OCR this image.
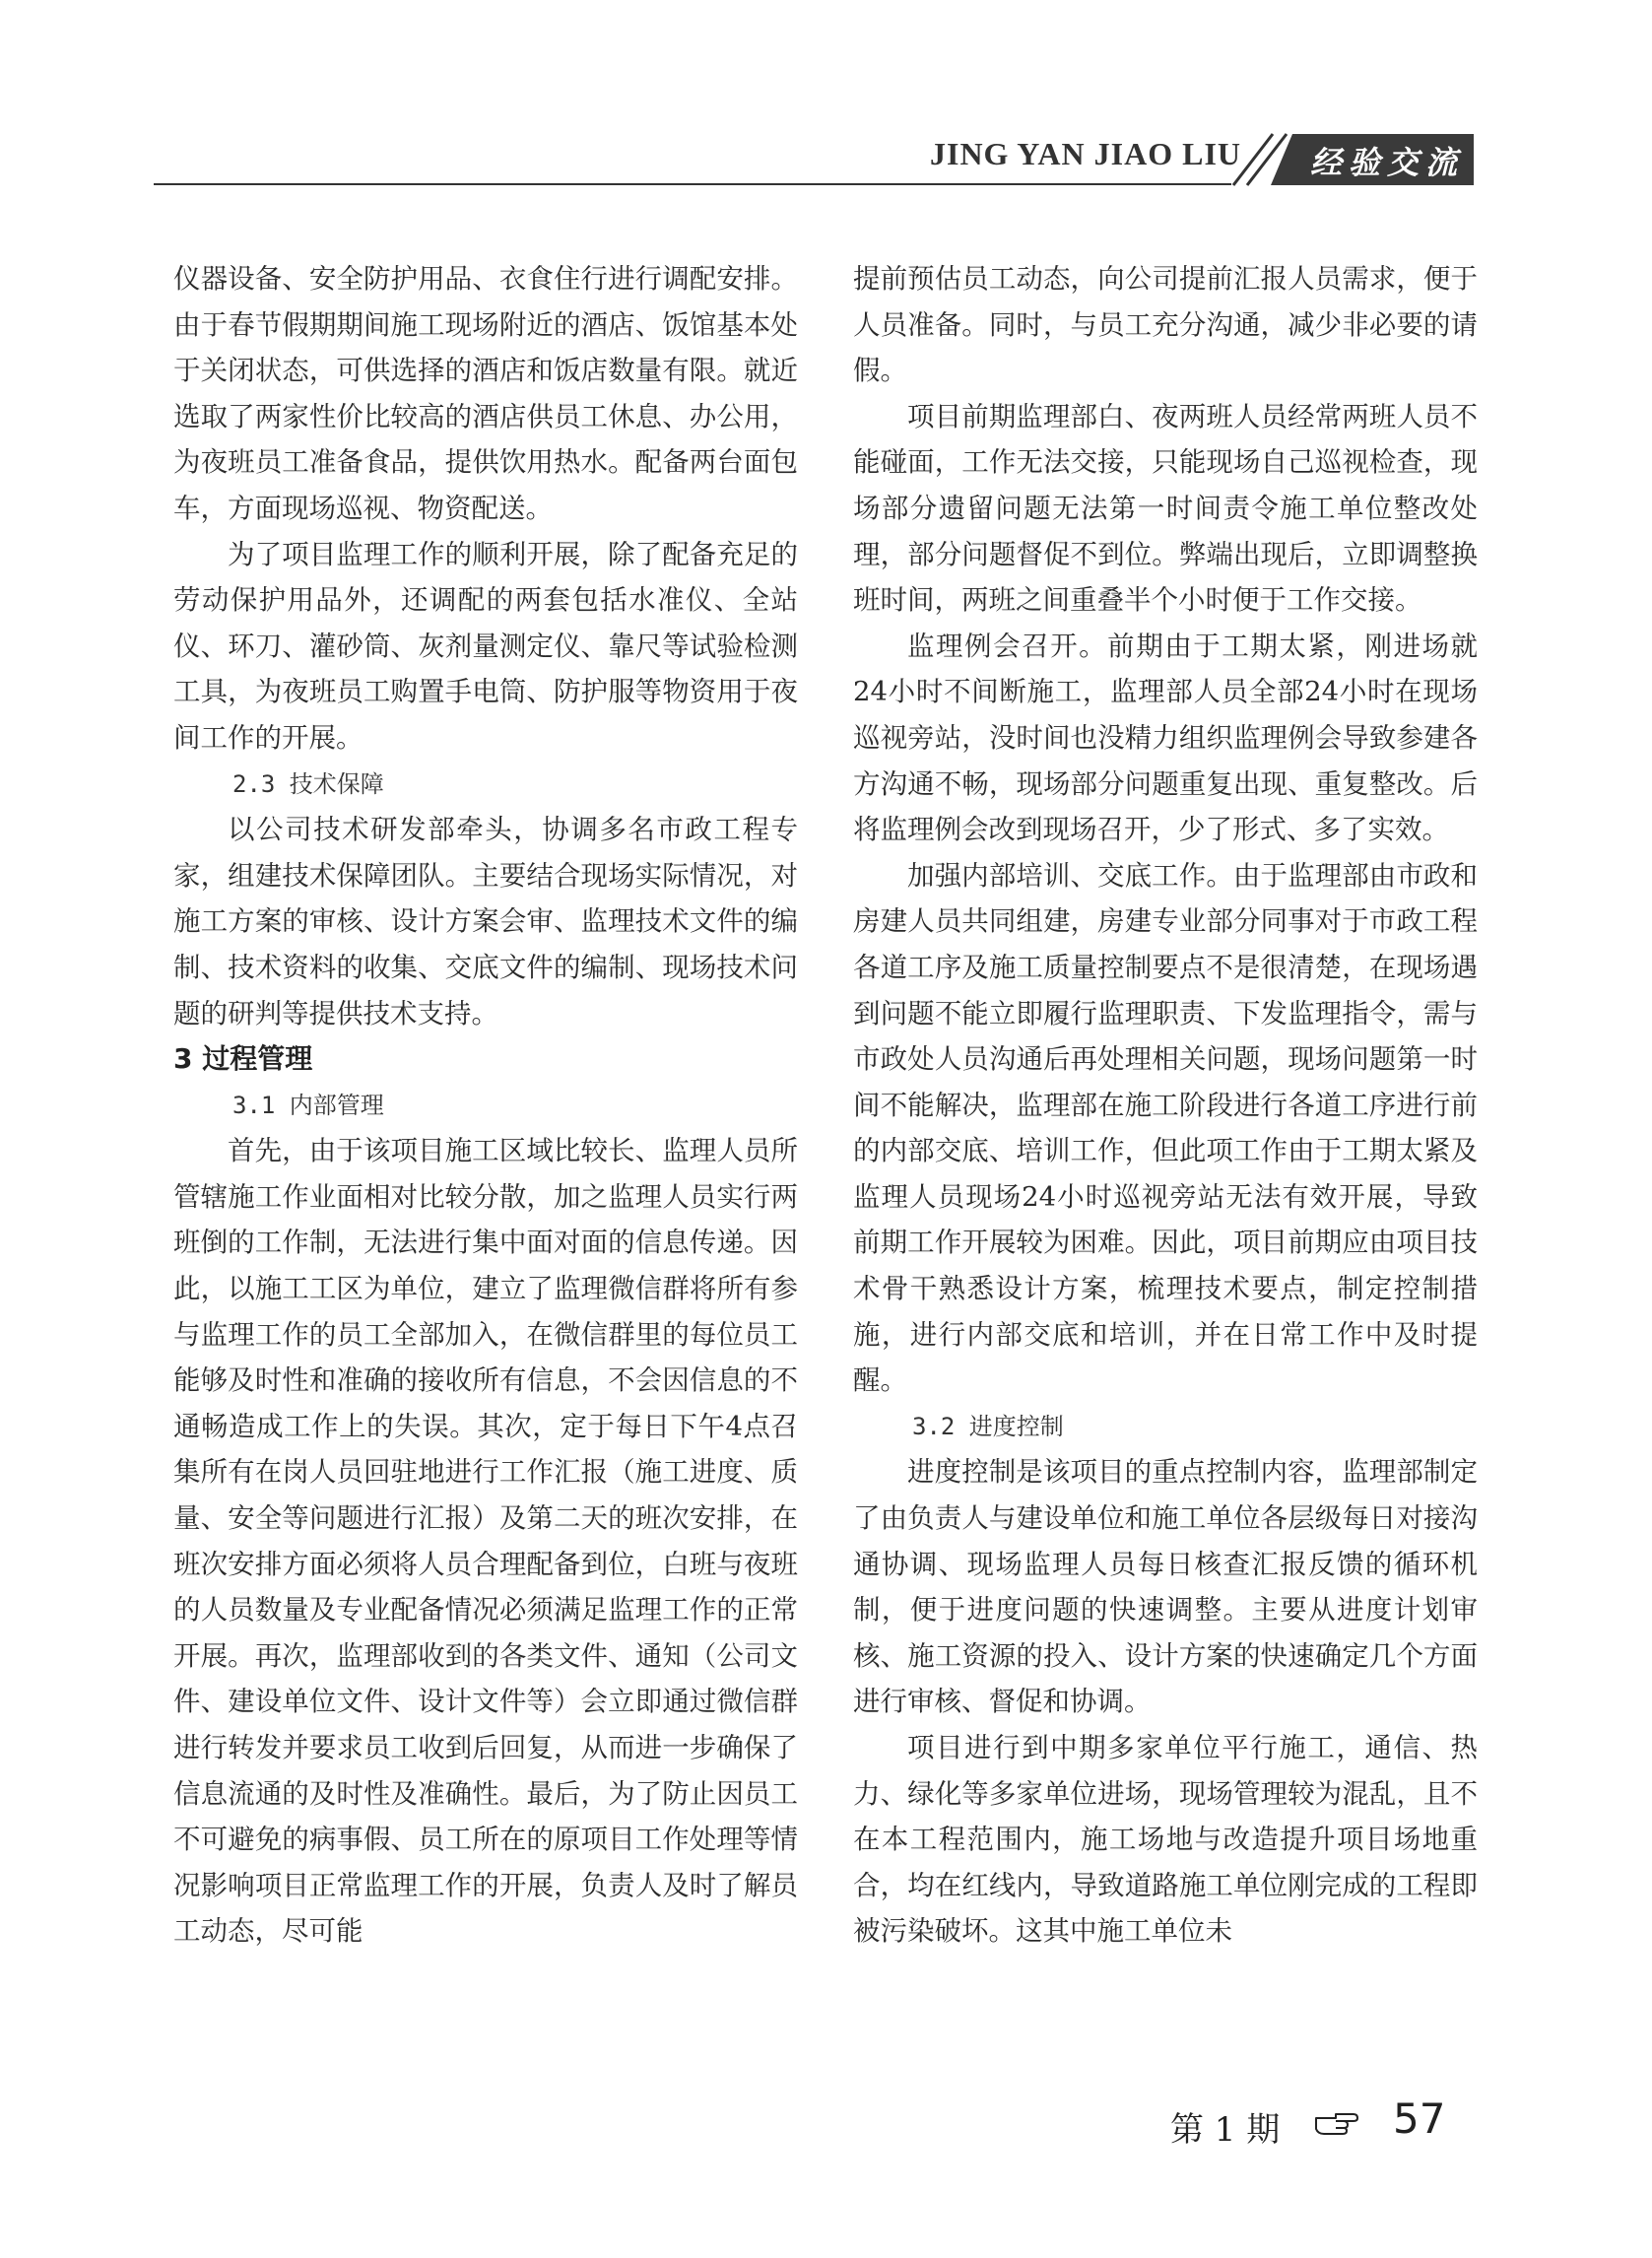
JING YAN JIAO LIU 经验交流

仪器设备、安全防护用品、衣食住行进行调配安排。由于春节假期期间施工现场附近的酒店、饭馆基本处于关闭状态，可供选择的酒店和饭店数量有限。就近选取了两家性价比较高的酒店供员工休息、办公用，为夜班员工准备食品，提供饮用热水。配备两台面包车，方面现场巡视、物资配送。

为了项目监理工作的顺利开展，除了配备充足的劳动保护用品外，还调配的两套包括水准仪、全站仪、环刀、灌砂筒、灰剂量测定仪、靠尺等试验检测工具，为夜班员工购置手电筒、防护服等物资用于夜间工作的开展。

2.3 技术保障

以公司技术研发部牵头，协调多名市政工程专家，组建技术保障团队。主要结合现场实际情况，对施工方案的审核、设计方案会审、监理技术文件的编制、技术资料的收集、交底文件的编制、现场技术问题的研判等提供技术支持。

3 过程管理

3.1 内部管理

首先，由于该项目施工区域比较长、监理人员所管辖施工作业面相对比较分散，加之监理人员实行两班倒的工作制，无法进行集中面对面的信息传递。因此，以施工工区为单位，建立了监理微信群将所有参与监理工作的员工全部加入，在微信群里的每位员工能够及时性和准确的接收所有信息，不会因信息的不通畅造成工作上的失误。其次，定于每日下午4点召集所有在岗人员回驻地进行工作汇报（施工进度、质量、安全等问题进行汇报）及第二天的班次安排，在班次安排方面必须将人员合理配备到位，白班与夜班的人员数量及专业配备情况必须满足监理工作的正常开展。再次，监理部收到的各类文件、通知（公司文件、建设单位文件、设计文件等）会立即通过微信群进行转发并要求员工收到后回复，从而进一步确保了信息流通的及时性及准确性。最后，为了防止因员工不可避免的病事假、员工所在的原项目工作处理等情况影响项目正常监理工作的开展，负责人及时了解员工动态，尽可能

提前预估员工动态，向公司提前汇报人员需求，便于人员准备。同时，与员工充分沟通，减少非必要的请假。

项目前期监理部白、夜两班人员经常两班人员不能碰面，工作无法交接，只能现场自己巡视检查，现场部分遗留问题无法第一时间责令施工单位整改处理，部分问题督促不到位。弊端出现后，立即调整换班时间，两班之间重叠半个小时便于工作交接。

监理例会召开。前期由于工期太紧，刚进场就24小时不间断施工，监理部人员全部24小时在现场巡视旁站，没时间也没精力组织监理例会导致参建各方沟通不畅，现场部分问题重复出现、重复整改。后将监理例会改到现场召开，少了形式、多了实效。

加强内部培训、交底工作。由于监理部由市政和房建人员共同组建，房建专业部分同事对于市政工程各道工序及施工质量控制要点不是很清楚，在现场遇到问题不能立即履行监理职责、下发监理指令，需与市政处人员沟通后再处理相关问题，现场问题第一时间不能解决，监理部在施工阶段进行各道工序进行前的内部交底、培训工作，但此项工作由于工期太紧及监理人员现场24小时巡视旁站无法有效开展，导致前期工作开展较为困难。因此，项目前期应由项目技术骨干熟悉设计方案，梳理技术要点，制定控制措施，进行内部交底和培训，并在日常工作中及时提醒。

3.2 进度控制

进度控制是该项目的重点控制内容，监理部制定了由负责人与建设单位和施工单位各层级每日对接沟通协调、现场监理人员每日核查汇报反馈的循环机制，便于进度问题的快速调整。主要从进度计划审核、施工资源的投入、设计方案的快速确定几个方面进行审核、督促和协调。

项目进行到中期多家单位平行施工，通信、热力、绿化等多家单位进场，现场管理较为混乱，且不在本工程范围内，施工场地与改造提升项目场地重合，均在红线内，导致道路施工单位刚完成的工程即被污染破坏。这其中施工单位未

第 1 期	57
